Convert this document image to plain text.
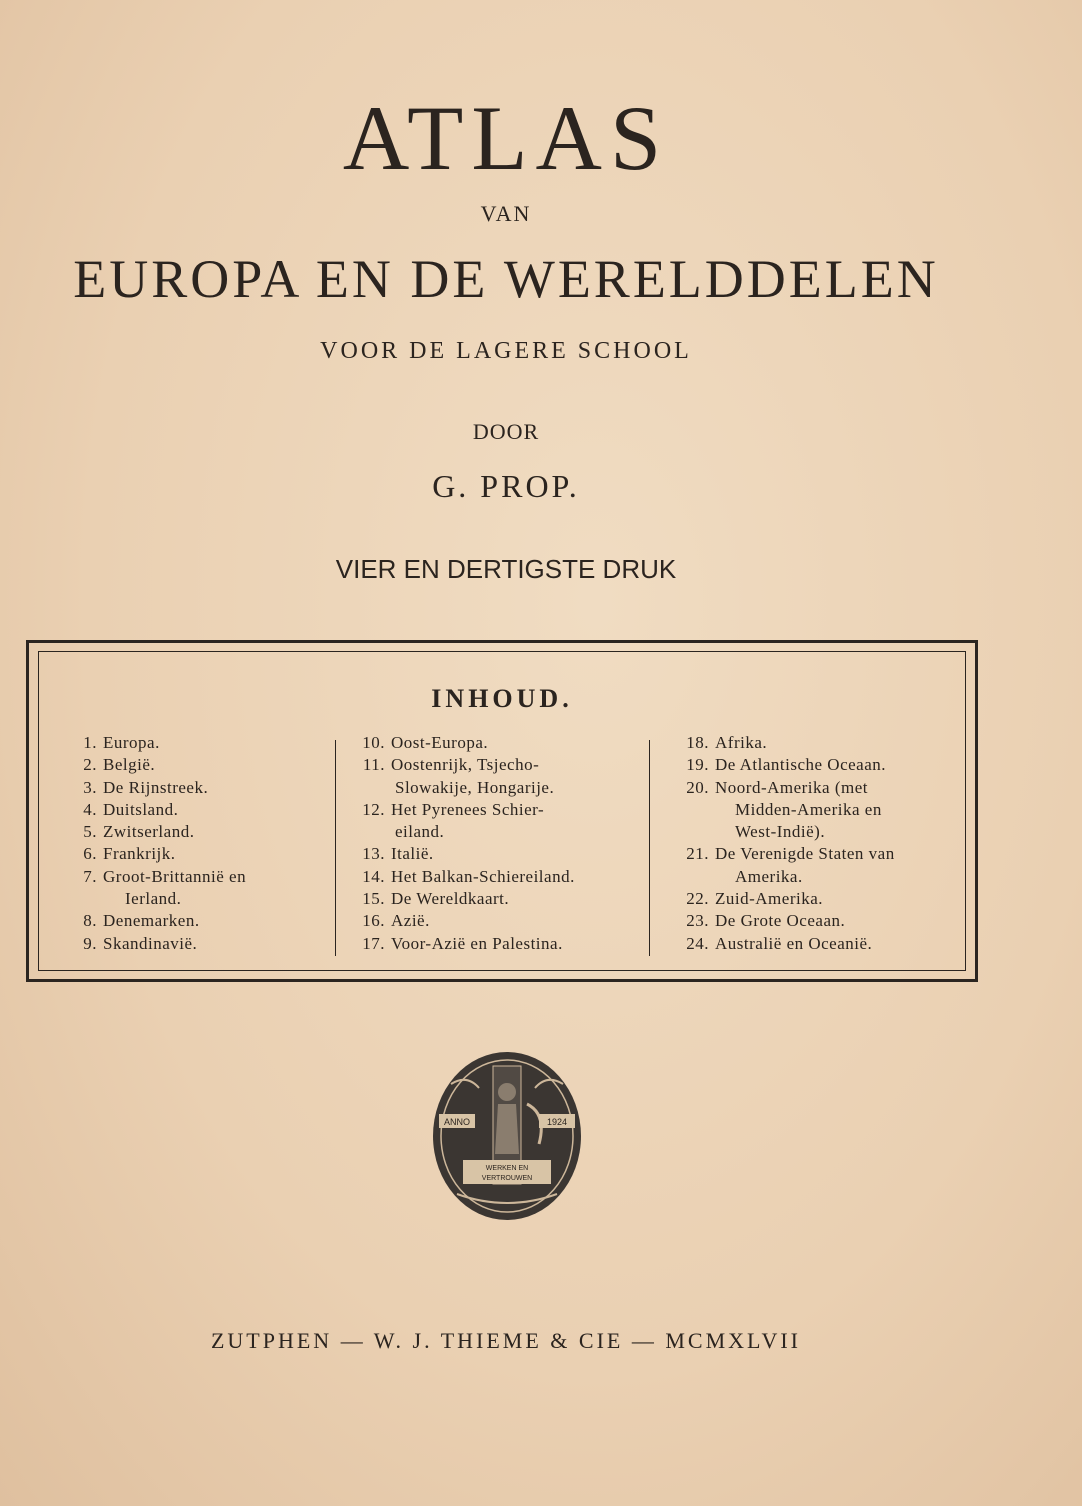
ATLAS
VAN
EUROPA EN DE WERELDDELEN
VOOR DE LAGERE SCHOOL
DOOR
G. PROP.
VIER EN DERTIGSTE DRUK
INHOUD.
1. Europa.
2. België.
3. De Rijnstreek.
4. Duitsland.
5. Zwitserland.
6. Frankrijk.
7. Groot-Brittannië en
Ierland.
8. Denemarken.
9. Skandinavië.
10. Oost-Europa.
11. Oostenrijk, Tsjecho-
Slowakije, Hongarije.
12. Het Pyrenees Schier-
eiland.
13. Italië.
14. Het Balkan-Schiereiland.
15. De Wereldkaart.
16. Azië.
17. Voor-Azië en Palestina.
18. Afrika.
19. De Atlantische Oceaan.
20. Noord-Amerika (met
Midden-Amerika en
West-Indië).
21. De Verenigde Staten van
Amerika.
22. Zuid-Amerika.
23. De Grote Oceaan.
24. Australië en Oceanië.
ANNO	1924
WERKEN EN
VERTROUWEN
ZUTPHEN — W. J. THIEME & CIE — MCMXLVII
